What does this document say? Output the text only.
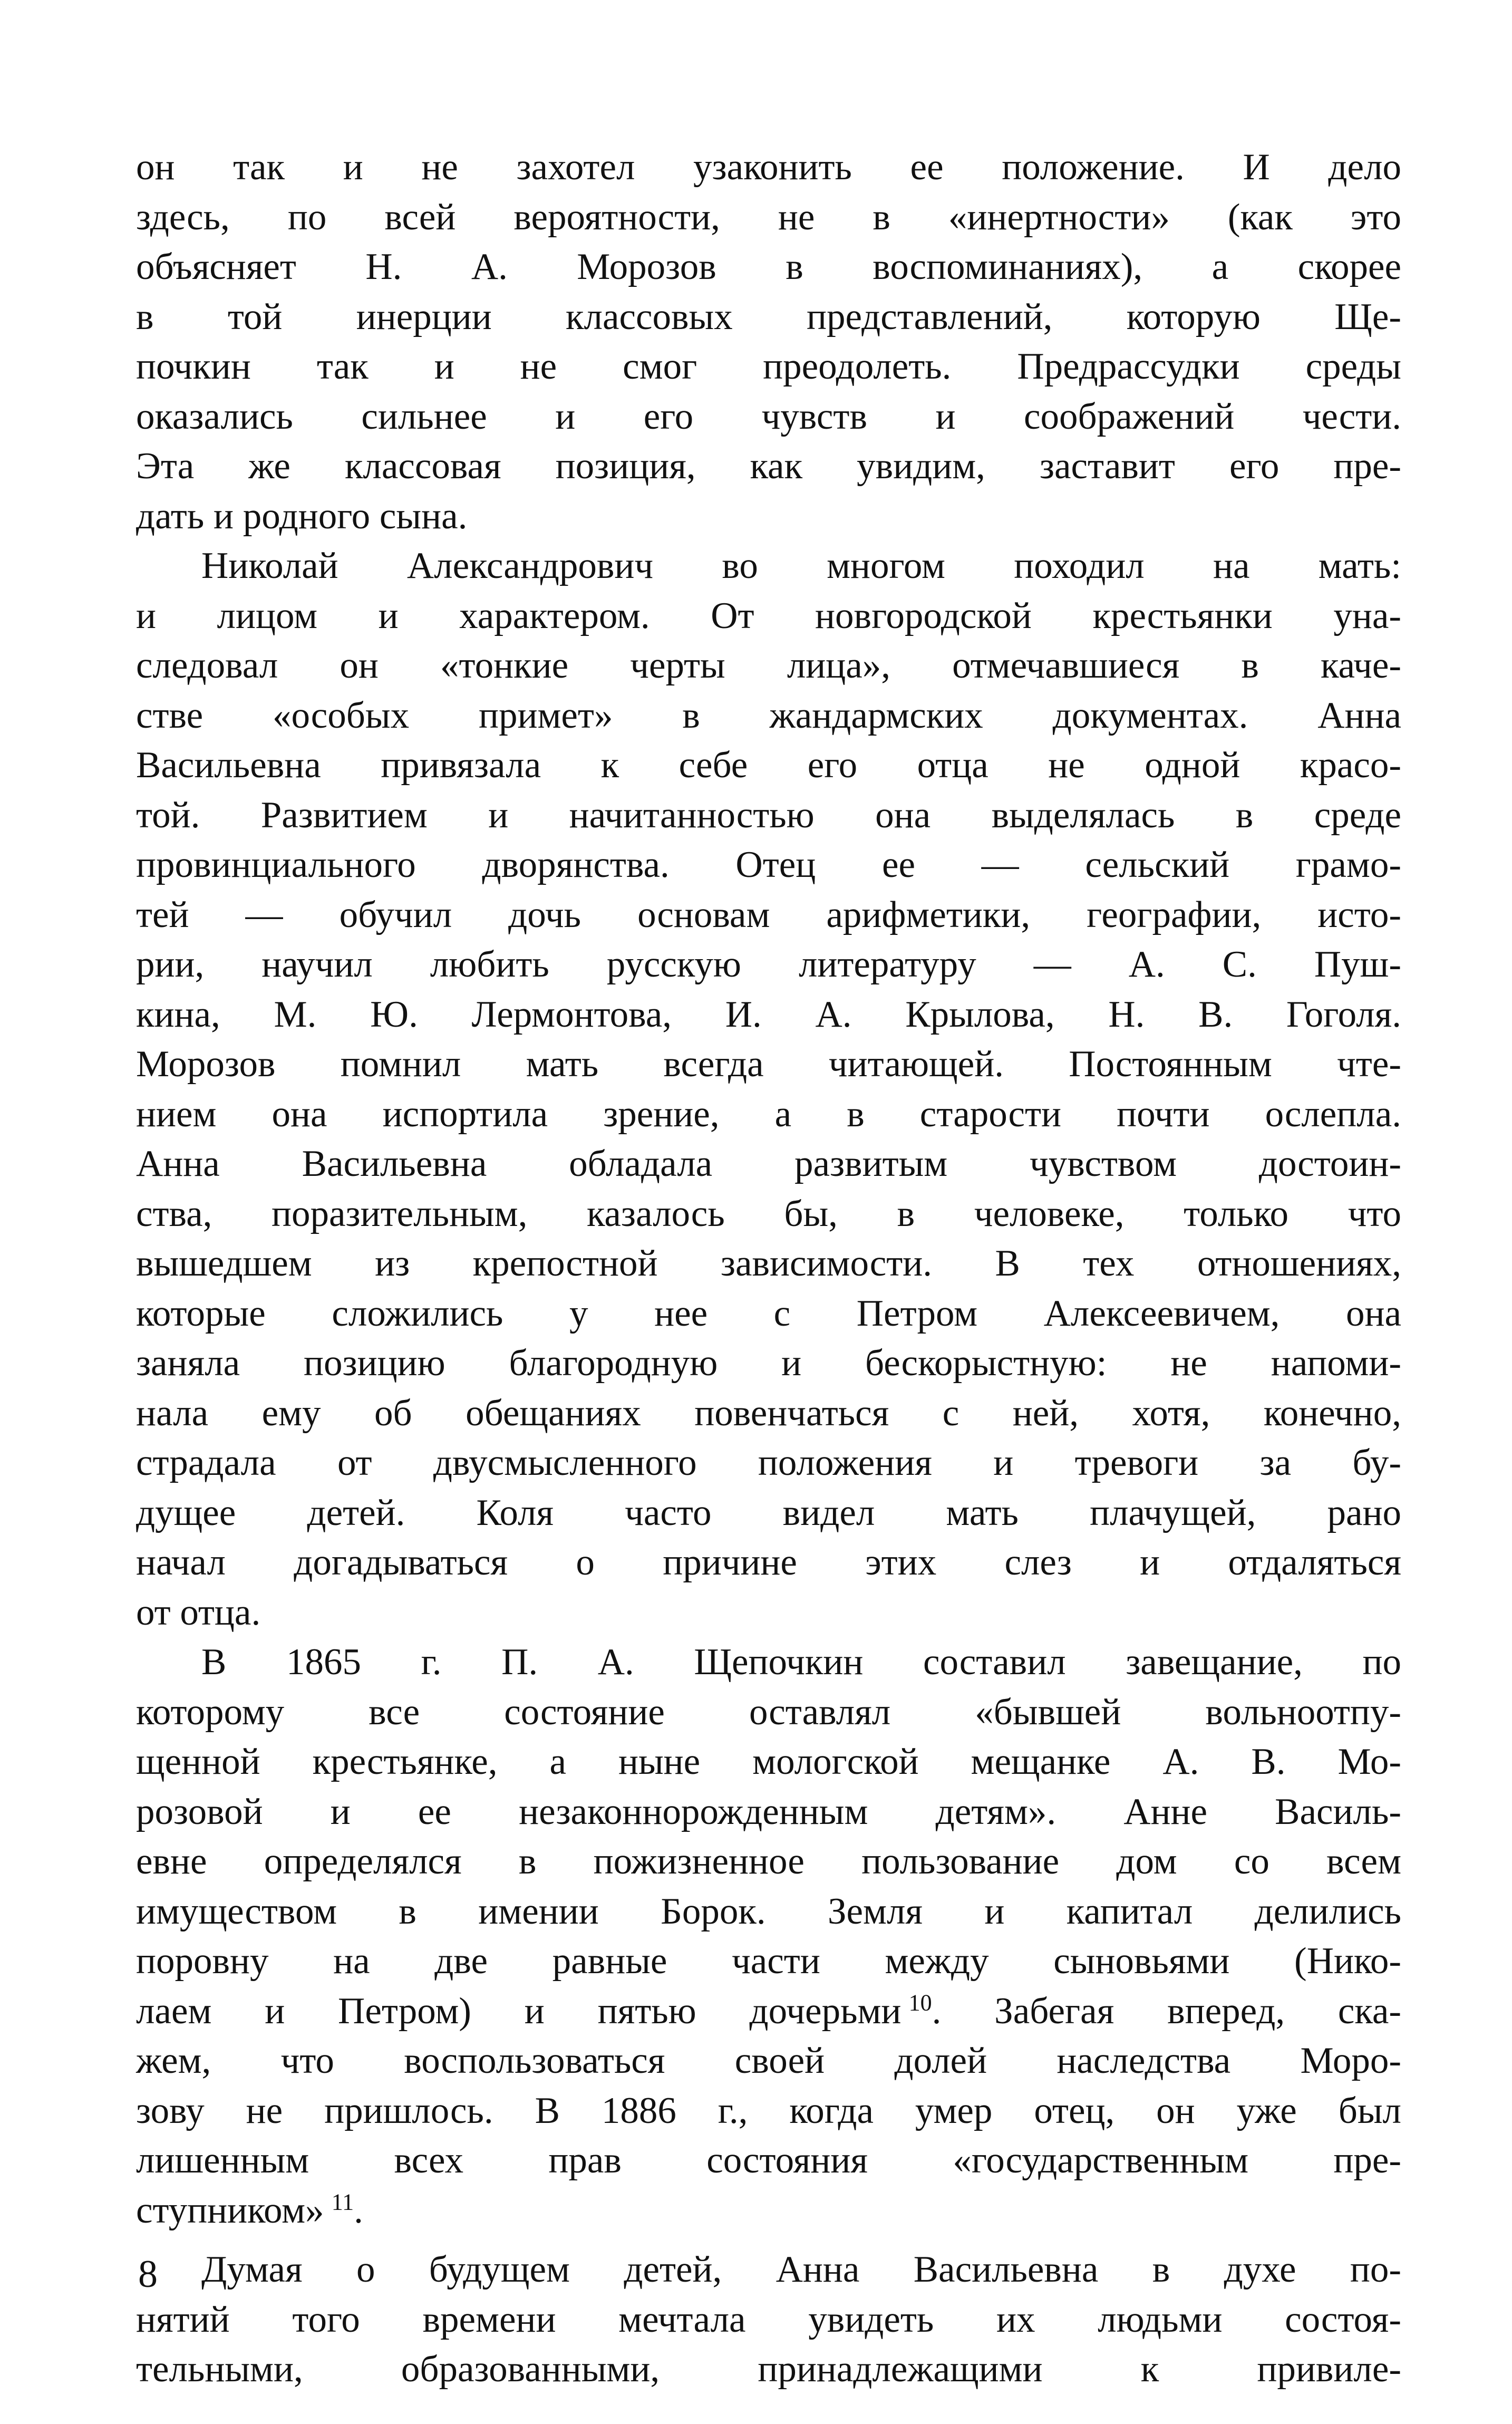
он так и не захотел узаконить ее положение. И дело
здесь, по всей вероятности, не в «инертности» (как это
объясняет Н. А. Морозов в воспоминаниях), а скорее
в той инерции классовых представлений, которую Ще-
почкин так и не смог преодолеть. Предрассудки среды
оказались сильнее и его чувств и соображений чести.
Эта же классовая позиция, как увидим, заставит его пре-
дать и родного сына.
Николай Александрович во многом походил на мать:
и лицом и характером. От новгородской крестьянки уна-
следовал он «тонкие черты лица», отмечавшиеся в каче-
стве «особых примет» в жандармских документах. Анна
Васильевна привязала к себе его отца не одной красо-
той. Развитием и начитанностью она выделялась в среде
провинциального дворянства. Отец ее — сельский грамо-
тей — обучил дочь основам арифметики, географии, исто-
рии, научил любить русскую литературу — А. С. Пуш-
кина, М. Ю. Лермонтова, И. А. Крылова, Н. В. Гоголя.
Морозов помнил мать всегда читающей. Постоянным чте-
нием она испортила зрение, а в старости почти ослепла.
Анна Васильевна обладала развитым чувством достоин-
ства, поразительным, казалось бы, в человеке, только что
вышедшем из крепостной зависимости. В тех отношениях,
которые сложились у нее с Петром Алексеевичем, она
заняла позицию благородную и бескорыстную: не напоми-
нала ему об обещаниях повенчаться с ней, хотя, конечно,
страдала от двусмысленного положения и тревоги за бу-
дущее детей. Коля часто видел мать плачущей, рано
начал догадываться о причине этих слез и отдаляться
от отца.
В 1865 г. П. А. Щепочкин составил завещание, по
которому все состояние оставлял «бывшей вольноотпу-
щенной крестьянке, а ныне мологской мещанке А. В. Мо-
розовой и ее незаконнорожденным детям». Анне Василь-
евне определялся в пожизненное пользование дом со всем
имуществом в имении Борок. Земля и капитал делились
поровну на две равные части между сыновьями (Нико-
лаем и Петром) и пятью дочерьми  $^{10}$. Забегая вперед, ска-
жем, что воспользоваться своей долей наследства Моро-
зову не пришлось. В 1886 г., когда умер отец, он уже был
лишенным всех прав состояния «государственным пре-
ступником»  $^{11}$.
Думая о будущем детей, Анна Васильевна в духе по-
нятий того времени мечтала увидеть их людьми состоя-
тельными, образованными, принадлежащими к привиле-
8
